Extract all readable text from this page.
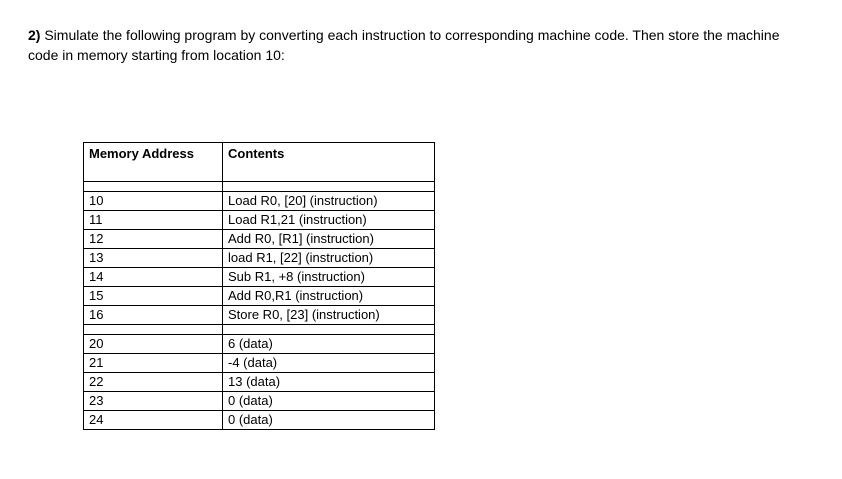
2) Simulate the following program by converting each instruction to corresponding machine code. Then store the machine code in memory starting from location 10:
Memory Address	Contents

10	Load R0, [20] (instruction)
11	Load R1,21 (instruction)
12	Add R0, [R1] (instruction)
13	load R1, [22] (instruction)
14	Sub R1, +8 (instruction)
15	Add R0,R1 (instruction)
16	Store R0, [23] (instruction)

20	6 (data)
21	-4 (data)
22	13 (data)
23	0 (data)
24	0 (data)
